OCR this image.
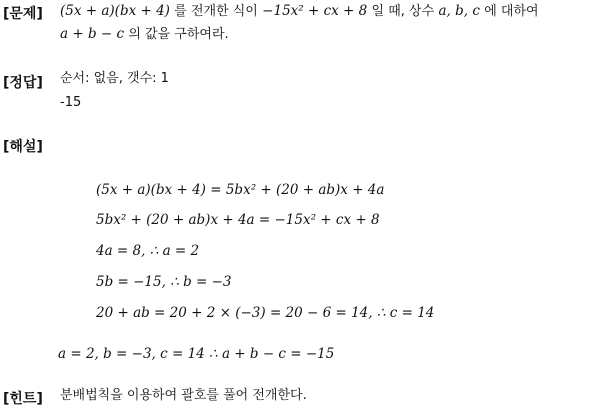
[문제] (5x + a)(bx + 4) 를 전개한 식이 −15x² + cx + 8 일 때, 상수 a, b, c 에 대하여
a + b − c 의 값을 구하여라.
[정답] 순서: 없음, 갯수: 1
-15
[해설]
(5x + a)(bx + 4) = 5bx² + (20 + ab)x + 4a
5bx² + (20 + ab)x + 4a = −15x² + cx + 8
4a = 8, ∴ a = 2
5b = −15, ∴ b = −3
20 + ab = 20 + 2 × (−3) = 20 − 6 = 14, ∴ c = 14
a = 2, b = −3, c = 14 ∴ a + b − c = −15
[힌트] 분배법칙을 이용하여 괄호를 풀어 전개한다.
